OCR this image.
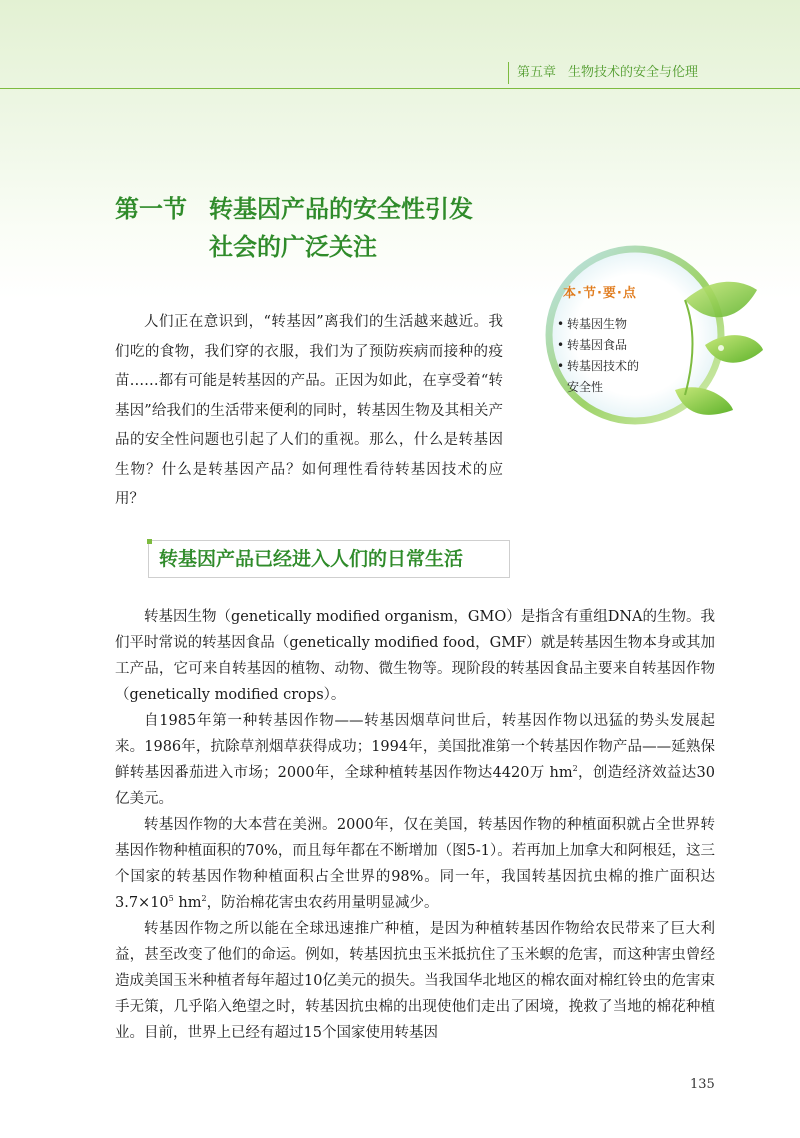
第五章 生物技术的安全与伦理
第一节 转基因产品的安全性引发
社会的广泛关注
本·节·要·点
• 转基因生物
• 转基因食品
• 转基因技术的
安全性

人们正在意识到，“转基因”离我们的生活越来越近。我们吃的食物，我们穿的衣服，我们为了预防疾病而接种的疫苗……都有可能是转基因的产品。正因为如此，在享受着“转基因”给我们的生活带来便利的同时，转基因生物及其相关产品的安全性问题也引起了人们的重视。那么，什么是转基因生物？什么是转基因产品？如何理性看待转基因技术的应用？

转基因产品已经进入人们的日常生活

转基因生物（genetically modified organism，GMO）是指含有重组DNA的生物。我们平时常说的转基因食品（genetically modified food，GMF）就是转基因生物本身或其加工产品，它可来自转基因的植物、动物、微生物等。现阶段的转基因食品主要来自转基因作物（genetically modified crops）。

自1985年第一种转基因作物——转基因烟草问世后，转基因作物以迅猛的势头发展起来。1986年，抗除草剂烟草获得成功；1994年，美国批准第一个转基因作物产品——延熟保鲜转基因番茄进入市场；2000年，全球种植转基因作物达4420万 $hm^2$，创造经济效益达30亿美元。

转基因作物的大本营在美洲。2000年，仅在美国，转基因作物的种植面积就占全世界转基因作物种植面积的70%，而且每年都在不断增加（图5-1）。若再加上加拿大和阿根廷，这三个国家的转基因作物种植面积占全世界的98%。同一年，我国转基因抗虫棉的推广面积达$3.7\times 10^5$ $hm^2$，防治棉花害虫农药用量明显减少。

转基因作物之所以能在全球迅速推广种植，是因为种植转基因作物给农民带来了巨大利益，甚至改变了他们的命运。例如，转基因抗虫玉米抵抗住了玉米螟的危害，而这种害虫曾经造成美国玉米种植者每年超过10亿美元的损失。当我国华北地区的棉农面对棉红铃虫的危害束手无策，几乎陷入绝望之时，转基因抗虫棉的出现使他们走出了困境，挽救了当地的棉花种植业。目前，世界上已经有超过15个国家使用转基因

135
